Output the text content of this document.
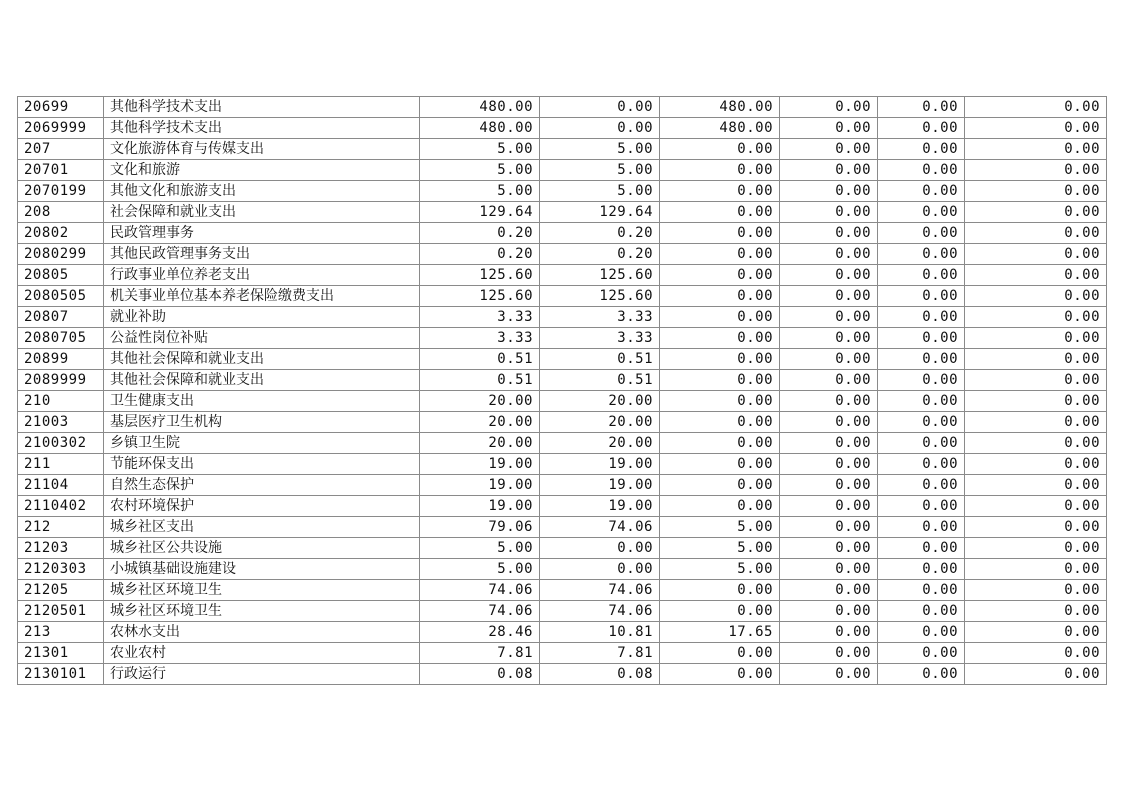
20699	其他科学技术支出	480.00	0.00	480.00	0.00	0.00	0.00
2069999	其他科学技术支出	480.00	0.00	480.00	0.00	0.00	0.00
207	文化旅游体育与传媒支出	5.00	5.00	0.00	0.00	0.00	0.00
20701	文化和旅游	5.00	5.00	0.00	0.00	0.00	0.00
2070199	其他文化和旅游支出	5.00	5.00	0.00	0.00	0.00	0.00
208	社会保障和就业支出	129.64	129.64	0.00	0.00	0.00	0.00
20802	民政管理事务	0.20	0.20	0.00	0.00	0.00	0.00
2080299	其他民政管理事务支出	0.20	0.20	0.00	0.00	0.00	0.00
20805	行政事业单位养老支出	125.60	125.60	0.00	0.00	0.00	0.00
2080505	机关事业单位基本养老保险缴费支出	125.60	125.60	0.00	0.00	0.00	0.00
20807	就业补助	3.33	3.33	0.00	0.00	0.00	0.00
2080705	公益性岗位补贴	3.33	3.33	0.00	0.00	0.00	0.00
20899	其他社会保障和就业支出	0.51	0.51	0.00	0.00	0.00	0.00
2089999	其他社会保障和就业支出	0.51	0.51	0.00	0.00	0.00	0.00
210	卫生健康支出	20.00	20.00	0.00	0.00	0.00	0.00
21003	基层医疗卫生机构	20.00	20.00	0.00	0.00	0.00	0.00
2100302	乡镇卫生院	20.00	20.00	0.00	0.00	0.00	0.00
211	节能环保支出	19.00	19.00	0.00	0.00	0.00	0.00
21104	自然生态保护	19.00	19.00	0.00	0.00	0.00	0.00
2110402	农村环境保护	19.00	19.00	0.00	0.00	0.00	0.00
212	城乡社区支出	79.06	74.06	5.00	0.00	0.00	0.00
21203	城乡社区公共设施	5.00	0.00	5.00	0.00	0.00	0.00
2120303	小城镇基础设施建设	5.00	0.00	5.00	0.00	0.00	0.00
21205	城乡社区环境卫生	74.06	74.06	0.00	0.00	0.00	0.00
2120501	城乡社区环境卫生	74.06	74.06	0.00	0.00	0.00	0.00
213	农林水支出	28.46	10.81	17.65	0.00	0.00	0.00
21301	农业农村	7.81	7.81	0.00	0.00	0.00	0.00
2130101	行政运行	0.08	0.08	0.00	0.00	0.00	0.00
